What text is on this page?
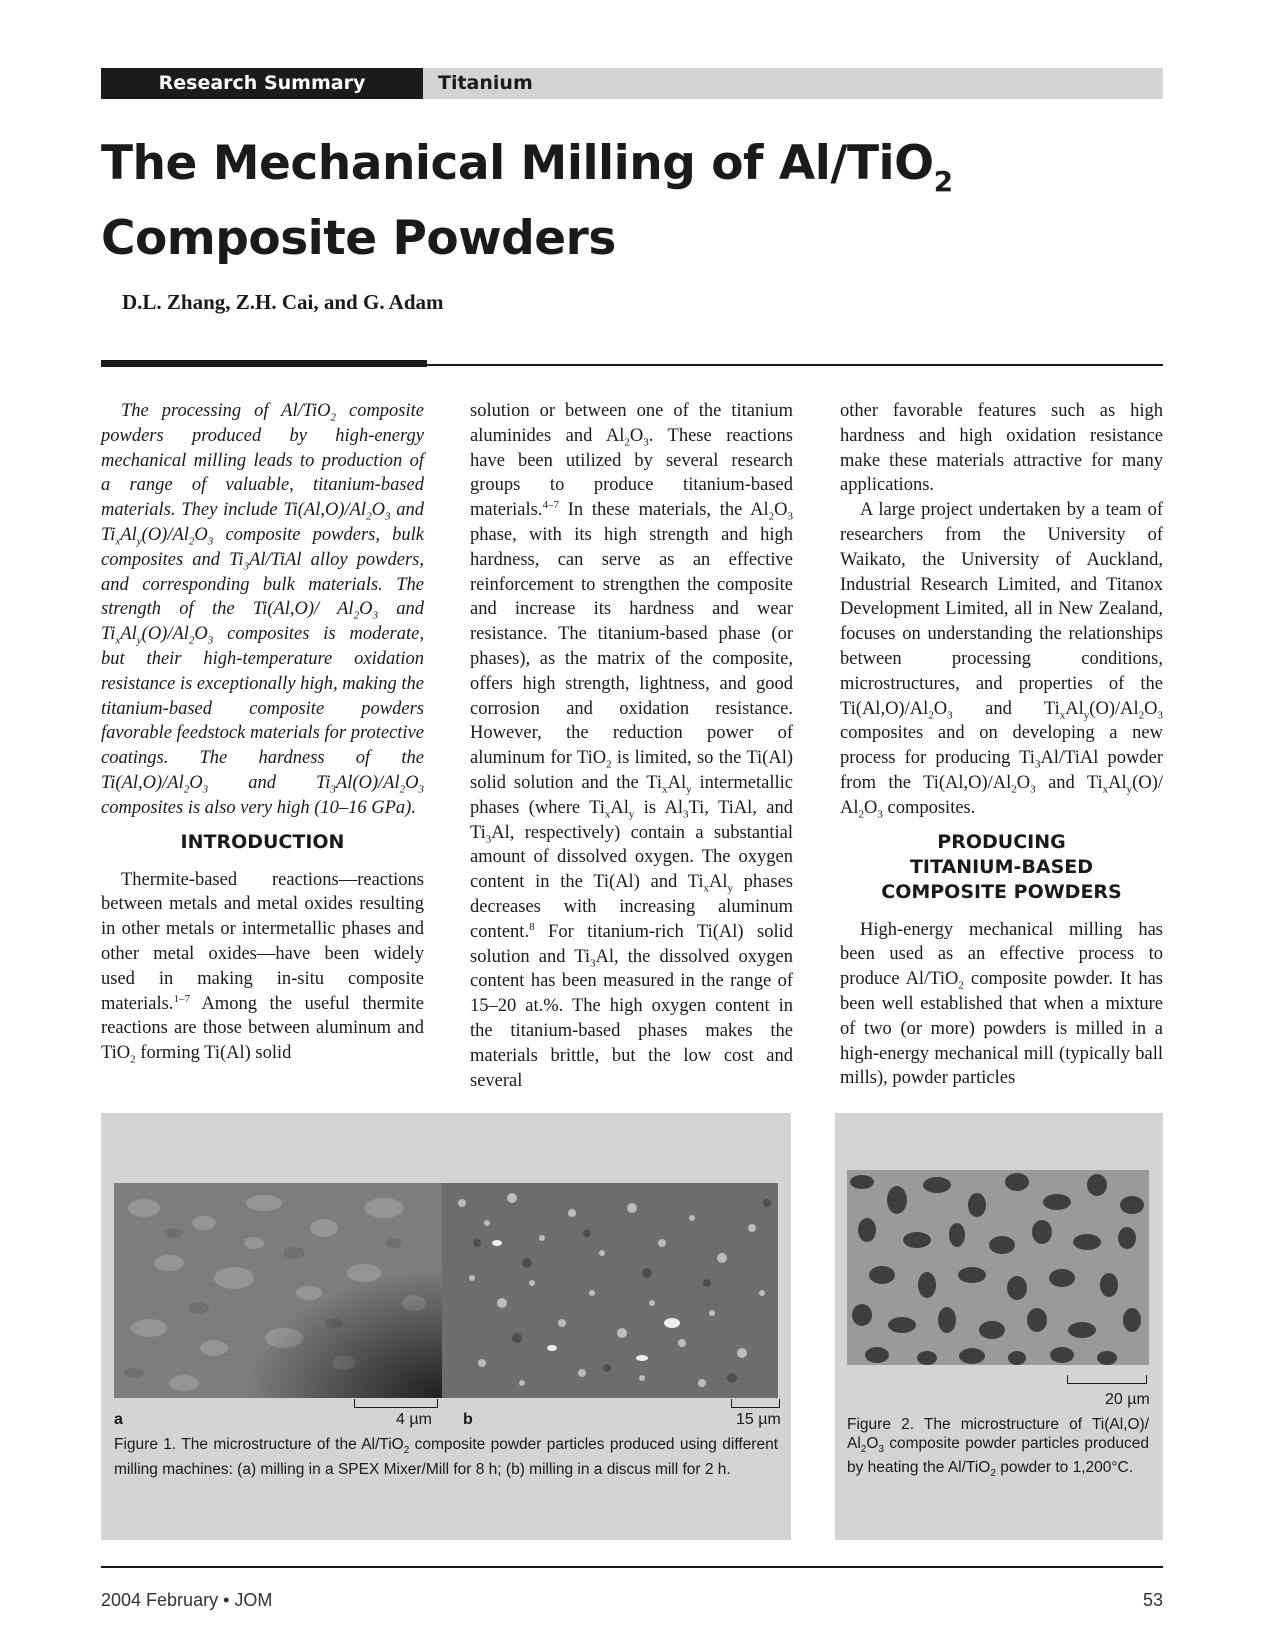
Research Summary	Titanium
The Mechanical Milling of Al/TiO$_2$
Composite Powders
D.L. Zhang, Z.H. Cai, and G. Adam

The processing of Al/TiO$_2$ composite powders produced by high-energy mechanical milling leads to production of a range of valuable, titanium-based materials. They include $Ti(Al,O)/Al_2O_3$ and $Ti_xAl_y(O)/Al_2O_3$ composite powders, bulk composites and $Ti_3Al$/TiAl alloy powders, and corresponding bulk materials. The strength of the Ti(Al,O)/ $Al_2O_3$ and $Ti_xAl_y(O)/Al_2O_3$ composites is moderate, but their high-temperature oxidation resistance is exceptionally high, making the titanium-based composite powders favorable feedstock materials for protective coatings. The hardness of the $Ti(Al,O)/Al_2O_3$ and $Ti_3Al(O)/Al_2O_3$ composites is also very high (10–16 GPa).

INTRODUCTION

Thermite-based reactions—reactions between metals and metal oxides resulting in other metals or intermetallic phases and other metal oxides—have been widely used in making in-situ composite materials.$^{1-7}$ Among the useful thermite reactions are those between aluminum and TiO$_2$ forming Ti(Al) solid

solution or between one of the titanium aluminides and $Al_2O_3$. These reactions have been utilized by several research groups to produce titanium-based materials.$^{4-7}$ In these materials, the $Al_2O_3$ phase, with its high strength and high hardness, can serve as an effective reinforcement to strengthen the composite and increase its hardness and wear resistance. The titanium-based phase (or phases), as the matrix of the composite, offers high strength, lightness, and good corrosion and oxidation resistance. However, the reduction power of aluminum for TiO$_2$ is limited, so the Ti(Al) solid solution and the $Ti_xAl_y$ intermetallic phases (where $Ti_xAl_y$ is $Al_3Ti$, TiAl, and $Ti_3Al$, respectively) contain a substantial amount of dissolved oxygen. The oxygen content in the Ti(Al) and $Ti_xAl_y$ phases decreases with increasing aluminum content.$^8$ For titanium-rich Ti(Al) solid solution and $Ti_3Al$, the dissolved oxygen content has been measured in the range of 15–20 at.%. The high oxygen content in the titanium-based phases makes the materials brittle, but the low cost and several

other favorable features such as high hardness and high oxidation resistance make these materials attractive for many applications.

A large project undertaken by a team of researchers from the University of Waikato, the University of Auckland, Industrial Research Limited, and Titanox Development Limited, all in New Zealand, focuses on understanding the relationships between processing conditions, microstructures, and properties of the $Ti(Al,O)/Al_2O_3$ and $Ti_xAl_y(O)/Al_2O_3$ composites and on developing a new process for producing $Ti_3Al$/TiAl powder from the $Ti(Al,O)/Al_2O_3$ and $Ti_xAl_y(O)/$ $Al_2O_3$ composites.

PRODUCING
TITANIUM-BASED
COMPOSITE POWDERS

High-energy mechanical milling has been used as an effective process to produce Al/TiO$_2$ composite powder. It has been well established that when a mixture of two (or more) powders is milled in a high-energy mechanical mill (typically ball mills), powder particles

a	4 µm b	15 µm
Figure 1. The microstructure of the Al/TiO$_2$ composite powder particles produced using different milling machines: (a) milling in a SPEX Mixer/Mill for 8 h; (b) milling in a discus mill for 2 h.
20 µm
Figure 2. The microstructure of Ti(Al,O)/ $Al_2O_3$ composite powder particles produced by heating the Al/TiO$_2$ powder to 1,200°C.
2004 February • JOM	53
